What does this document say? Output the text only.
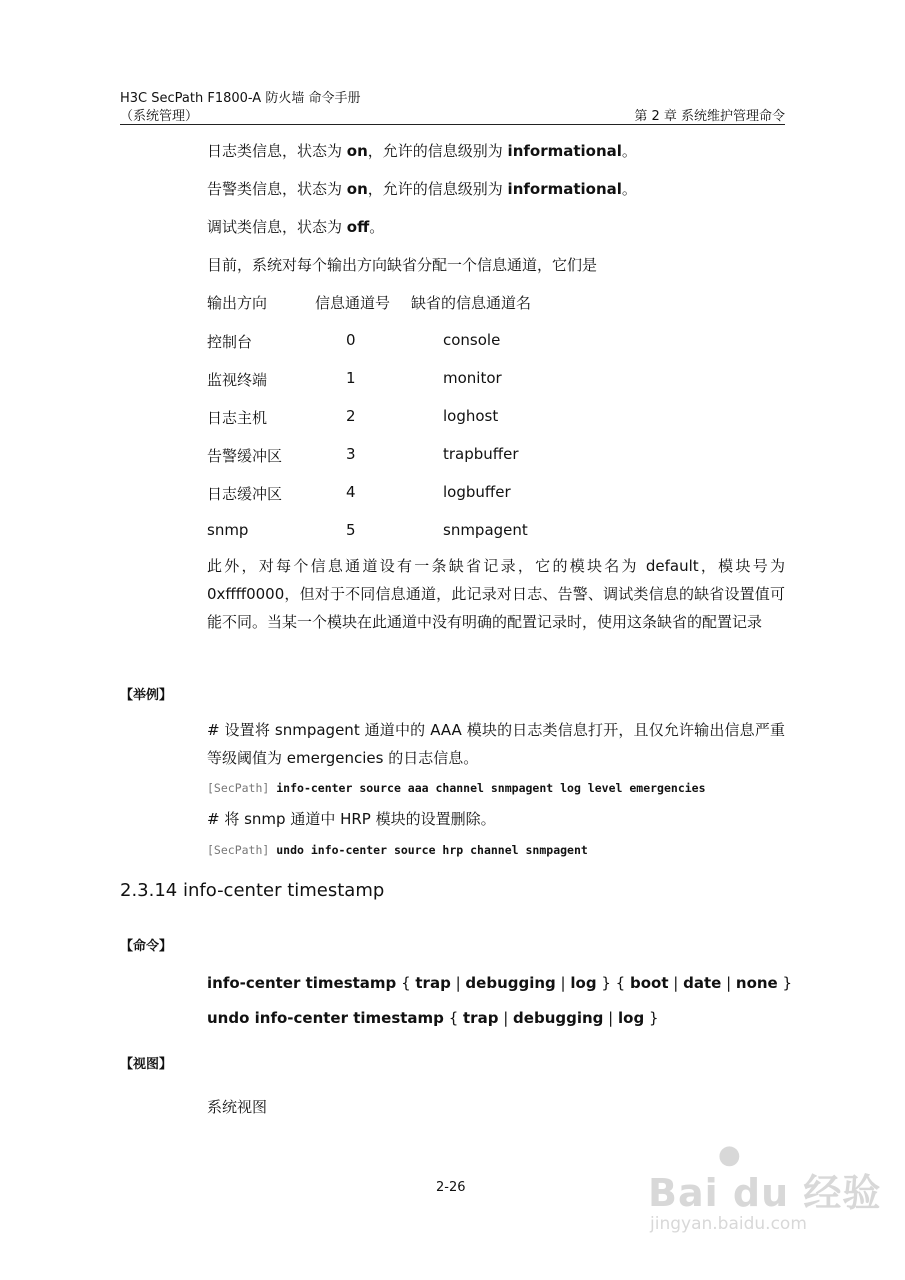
H3C SecPath F1800-A 防火墙 命令手册
（系统管理）	第 2 章 系统维护管理命令
日志类信息，状态为 on，允许的信息级别为 informational。
告警类信息，状态为 on，允许的信息级别为 informational。
调试类信息，状态为 off。
目前，系统对每个输出方向缺省分配一个信息通道，它们是
输出方向	信息通道号 缺省的信息通道名
控制台	0	console
监视终端	1	monitor
日志主机	2	loghost
告警缓冲区	3	trapbuffer
日志缓冲区	4	logbuffer
snmp	5	snmpagent
此外，对每个信息通道设有一条缺省记录，它的模块名为 default，模块号为 0xffff0000，但对于不同信息通道，此记录对日志、告警、调试类信息的缺省设置值可能不同。当某一个模块在此通道中没有明确的配置记录时，使用这条缺省的配置记录
【举例】
# 设置将 snmpagent 通道中的 AAA 模块的日志类信息打开，且仅允许输出信息严重等级阈值为 emergencies 的日志信息。
[SecPath] info-center source aaa channel snmpagent log level emergencies
# 将 snmp 通道中 HRP 模块的设置删除。
[SecPath] undo info-center source hrp channel snmpagent
2.3.14 info-center timestamp
【命令】
info-center timestamp { trap | debugging | log } { boot | date | none }
undo info-center timestamp { trap | debugging | log }
【视图】
系统视图
2-26
●
Bai du 经验
jingyan.baidu.com
